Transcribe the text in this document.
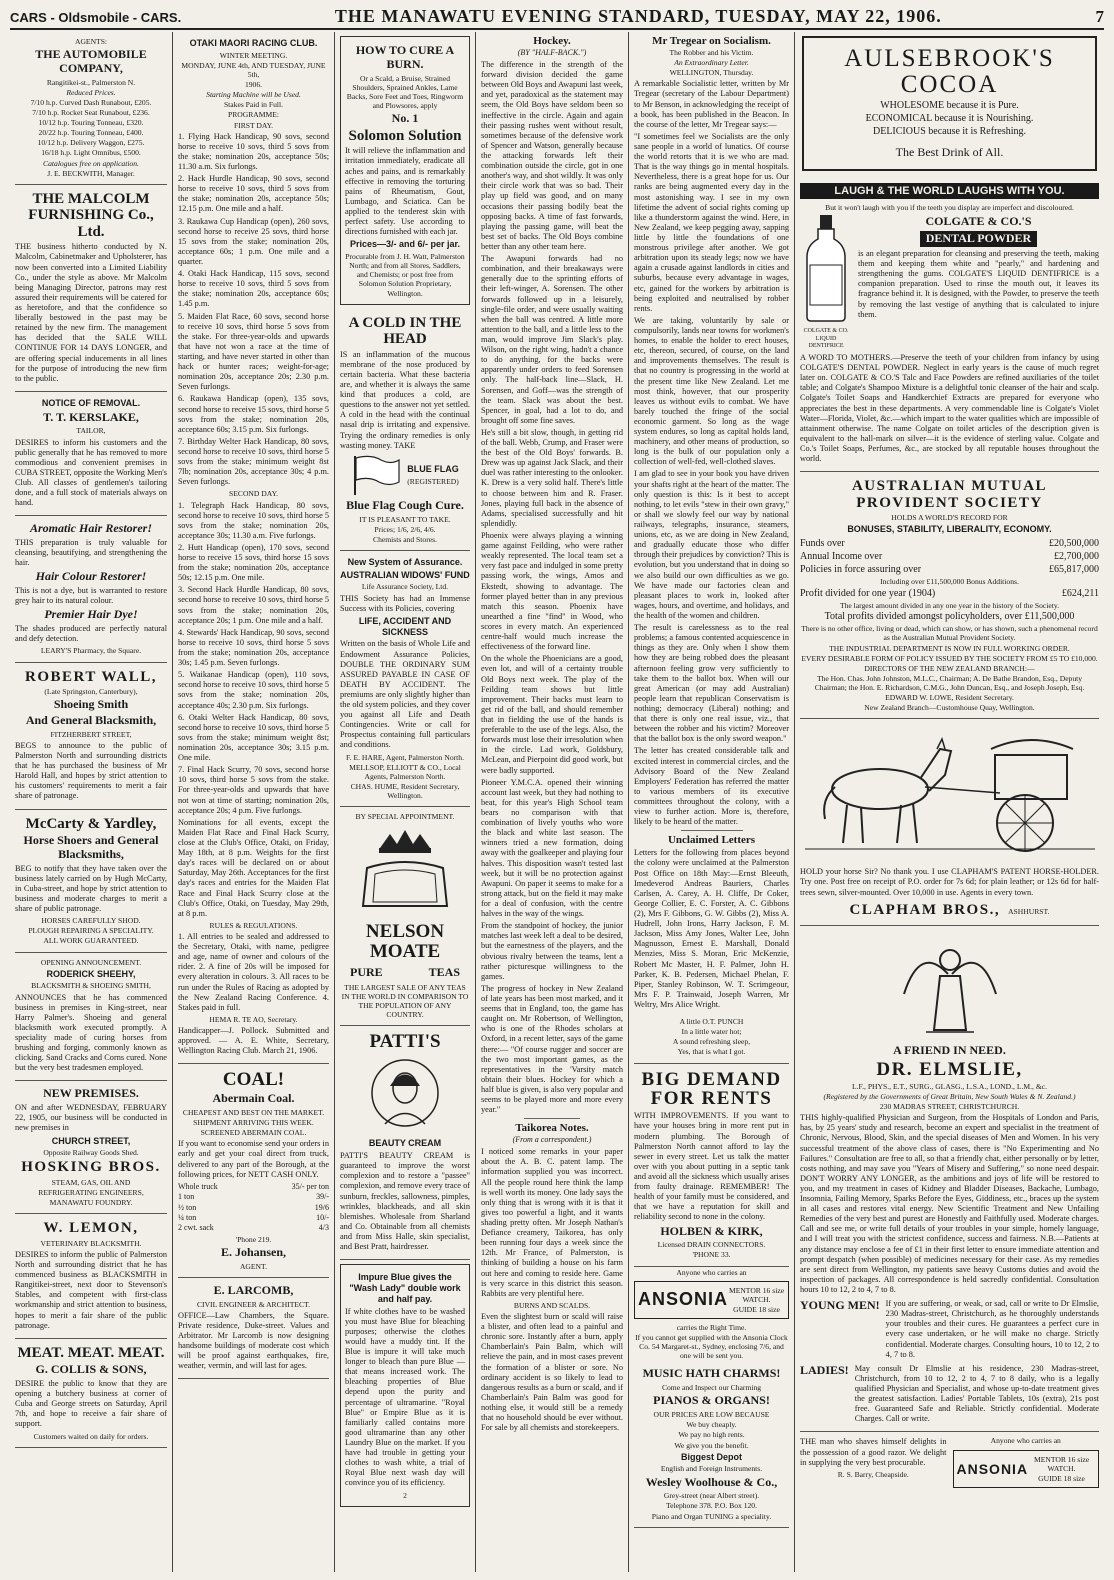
CARS - Oldsmobile - CARS.	THE MANAWATU EVENING STANDARD, TUESDAY, MAY 22, 1906.	7
AGENTS:
THE AUTOMOBILE COMPANY,
Rangitikei-st., Palmerston N.
Reduced Prices.
7/10 h.p. Curved Dash Runabout, £205.
7/10 h.p. Rocket Seat Runabout, £236.
10/12 h.p. Touring Tonneau, £320.
20/22 h.p. Touring Tonneau, £400.
10/12 h.p. Delivery Waggon, £275.
16/18 h.p. Light Omnibus, £500.
Catalogues free on application.
J. E. BECKWITH, Manager.
THE MALCOLM FURNISHING Co., Ltd.

THE business hitherto conducted by N. Malcolm, Cabinetmaker and Upholsterer, has now been converted into a Limited Liability Co., under the style as above. Mr Malcolm being Managing Director, patrons may rest assured their requirements will be catered for as heretofore, and that the confidence so liberally bestowed in the past may be retained by the new firm. The management has decided that the SALE WILL CONTINUE FOR 14 DAYS LONGER, and are offering special inducements in all lines for the purpose of introducing the new firm to the public.

NOTICE OF REMOVAL.
T. T. KERSLAKE,
TAILOR,

DESIRES to inform his customers and the public generally that he has removed to more commodious and convenient premises in CUBA STREET, opposite the Working Men's Club. All classes of gentlemen's tailoring done, and a full stock of materials always on hand.

Aromatic Hair Restorer!

THIS preparation is truly valuable for cleansing, beautifying, and strengthening the hair.

Hair Colour Restorer!

This is not a dye, but is warranted to restore grey hair to its natural colour.

Premier Hair Dye!

The shades produced are perfectly natural and defy detection.

LEARY'S Pharmacy, the Square.
ROBERT WALL,
(Late Springston, Canterbury),
Shoeing Smith
And General Blacksmith,
FITZHERBERT STREET,

BEGS to announce to the public of Palmerston North and surrounding districts that he has purchased the business of Mr Harold Hall, and hopes by strict attention to his customers' requirements to merit a fair share of patronage.

McCarty & Yardley,
Horse Shoers and General Blacksmiths,

BEG to notify that they have taken over the business lately carried on by Hugh McCarty, in Cuba-street, and hope by strict attention to business and moderate charges to merit a share of public patronage.

HORSES CAREFULLY SHOD.
PLOUGH REPAIRING A SPECIALITY.
ALL WORK GUARANTEED.
OPENING ANNOUNCEMENT.
RODERICK SHEEHY,
BLACKSMITH & SHOEING SMITH,

ANNOUNCES that he has commenced business in premises in King-street, near Harry Palmer's. Shoeing and general blacksmith work executed promptly. A speciality made of curing horses from brushing and forging, commonly known as clicking. Sand Cracks and Corns cured. None but the very best tradesmen employed.

NEW PREMISES.

ON and after WEDNESDAY, FEBRUARY 22, 1905, our business will be conducted in new premises in

CHURCH STREET,
Opposite Railway Goods Shed.
HOSKING BROS.
STEAM, GAS, OIL AND
REFRIGERATING ENGINEERS,
MANAWATU FOUNDRY.
W. LEMON,
VETERINARY BLACKSMITH.

DESIRES to inform the public of Palmerston North and surrounding district that he has commenced business as BLACKSMITH in Rangitikei-street, next door to Stevenson's Stables, and competent with first-class workmanship and strict attention to business, hopes to merit a fair share of the public patronage.

MEAT. MEAT. MEAT.
G. COLLIS & SONS,

DESIRE the public to know that they are opening a butchery business at corner of Cuba and George streets on Saturday, April 7th, and hope to receive a fair share of support.

Customers waited on daily for orders.
OTAKI MAORI RACING CLUB.
WINTER MEETING.
MONDAY, JUNE 4th, AND TUESDAY, JUNE 5th,
1906.
Starting Machine will be Used.
Stakes Paid in Full.
PROGRAMME:
FIRST DAY.

1. Flying Hack Handicap, 90 sovs, second horse to receive 10 sovs, third 5 sovs from the stake; nomination 20s, acceptance 50s; 11.30 a.m. Six furlongs.

2. Hack Hurdle Handicap, 90 sovs, second horse to receive 10 sovs, third 5 sovs from the stake; nomination 20s, acceptance 50s; 12.15 p.m. One mile and a half.

3. Raukawa Cup Handicap (open), 260 sovs, second horse to receive 25 sovs, third horse 15 sovs from the stake; nomination 20s, acceptance 60s; 1 p.m. One mile and a quarter.

4. Otaki Hack Handicap, 115 sovs, second horse to receive 10 sovs, third 5 sovs from the stake; nomination 20s, acceptance 60s; 1.45 p.m.

5. Maiden Flat Race, 60 sovs, second horse to receive 10 sovs, third horse 5 sovs from the stake. For three-year-olds and upwards that have not won a race at the time of starting, and have never started in other than hack or hunter races; weight-for-age; nomination 20s, acceptance 20s; 2.30 p.m. Seven furlongs.

6. Raukawa Handicap (open), 135 sovs, second horse to receive 15 sovs, third horse 5 sovs from the stake; nomination 20s, acceptance 60s; 3.15 p.m. Six furlongs.

7. Birthday Welter Hack Handicap, 80 sovs, second horse to receive 10 sovs, third horse 5 sovs from the stake; minimum weight 8st 7lb; nomination 20s, acceptance 30s; 4 p.m. Seven furlongs.

SECOND DAY.

1. Telegraph Hack Handicap, 80 sovs, second horse to receive 10 sovs, third horse 5 sovs from the stake; nomination 20s, acceptance 30s; 11.30 a.m. Five furlongs.

2. Hutt Handicap (open), 170 sovs, second horse to receive 15 sovs, third horse 15 sovs from the stake; nomination 20s, acceptance 50s; 12.15 p.m. One mile.

3. Second Hack Hurdle Handicap, 80 sovs, second horse to receive 10 sovs, third horse 5 sovs from the stake; nomination 20s, acceptance 20s; 1 p.m. One mile and a half.

4. Stewards' Hack Handicap, 90 sovs, second horse to receive 10 sovs, third horse 5 sovs from the stake; nomination 20s, acceptance 30s; 1.45 p.m. Seven furlongs.

5. Waikanae Handicap (open), 110 sovs, second horse to receive 10 sovs, third horse 5 sovs from the stake; nomination 20s, acceptance 40s; 2.30 p.m. Six furlongs.

6. Otaki Welter Hack Handicap, 80 sovs, second horse to receive 10 sovs, third horse 5 sovs from the stake; minimum weight 8st; nomination 20s, acceptance 30s; 3.15 p.m. One mile.

7. Final Hack Scurry, 70 sovs, second horse 10 sovs, third horse 5 sovs from the stake. For three-year-olds and upwards that have not won at time of starting; nomination 20s, acceptance 20s; 4 p.m. Five furlongs.

Nominations for all events, except the Maiden Flat Race and Final Hack Scurry, close at the Club's Office, Otaki, on Friday, May 18th, at 8 p.m. Weights for the first day's races will be declared on or about Saturday, May 26th. Acceptances for the first day's races and entries for the Maiden Flat Race and Final Hack Scurry close at the Club's Office, Otaki, on Tuesday, May 29th, at 8 p.m.

RULES & REGULATIONS.

1. All entries to be sealed and addressed to the Secretary, Otaki, with name, pedigree and age, name of owner and colours of the rider. 2. A fine of 20s will be imposed for every alteration in colours. 3. All races to be run under the Rules of Racing as adopted by the New Zealand Racing Conference. 4. Stakes paid in full.

HEMA R. TE AO, Secretary.

Handicapper—J. Pollock. Submitted and approved. — A. E. White, Secretary, Wellington Racing Club. March 21, 1906.

COAL!
Abermain Coal.
CHEAPEST AND BEST ON THE MARKET.
SHIPMENT ARRIVING THIS WEEK.
SCREENED ABERMAIN COAL.

If you want to economise send your orders in early and get your coal direct from truck, delivered to any part of the Borough, at the following prices, for NETT CASH ONLY.

Whole truck	35/- per ton
1 ton	39/-
½ ton	19/6
¼ ton	10/-
2 cwt. sack	4/3
'Phone 219.
E. Johansen,
AGENT.
E. LARCOMB,
CIVIL ENGINEER & ARCHITECT.

OFFICE—Law Chambers, the Square. Private residence, Duke-street. Values and Arbitrator. Mr Larcomb is now designing handsome buildings of moderate cost which will be proof against earthquakes, fire, weather, vermin, and will last for ages.

HOW TO CURE A BURN.
Or a Scald, a Bruise, Strained Shoulders, Sprained Ankles, Lame Backs, Sore Feet and Toes, Ringworm and Plowsores, apply
No. 1
Solomon Solution

It will relieve the inflammation and irritation immediately, eradicate all aches and pains, and is remarkably effective in removing the torturing pains of Rheumatism, Gout, Lumbago, and Sciatica. Can be applied to the tenderest skin with perfect safety. Use according to directions furnished with each jar.

Prices—3/- and 6/- per jar.
Procurable from J. H. Watt, Palmerston North; and from all Stores, Saddlers, and Chemists; or post free from Solomon Solution Proprietary, Wellington.
A COLD IN THE HEAD

IS an inflammation of the mucous membrane of the nose produced by certain bacteria. What these bacteria are, and whether it is always the same kind that produces a cold, are questions to the answer not yet settled. A cold in the head with the continual nasal drip is irritating and expensive. Trying the ordinary remedies is only wasting money. TAKE

BLUE FLAG
(REGISTERED)
Blue Flag Cough Cure.
IT IS PLEASANT TO TAKE.
Prices; 1/6, 2/6, 4/6.
Chemists and Stores.
New System of Assurance.
AUSTRALIAN WIDOWS' FUND
Life Assurance Society, Ltd.

THIS Society has had an Immense Success with its Policies, covering

LIFE, ACCIDENT AND SICKNESS

Written on the basis of Whole Life and Endowment Assurance Policies, DOUBLE THE ORDINARY SUM ASSURED PAYABLE IN CASE OF DEATH BY ACCIDENT. The premiums are only slightly higher than the old system policies, and they cover you against all Life and Death Contingencies. Write or call for Prospectus containing full particulars and conditions.

F. E. HARE, Agent, Palmerston North.
MELLSOP, ELLIOTT & CO., Local Agents, Palmerston North.
CHAS. HUME, Resident Secretary, Wellington.
BY SPECIAL APPOINTMENT.
NELSON MOATE
PURE	TEAS
THE LARGEST SALE OF ANY TEAS IN THE WORLD IN COMPARISON TO THE POPULATION OF ANY COUNTRY.
PATTI'S
BEAUTY CREAM

PATTI'S BEAUTY CREAM is guaranteed to improve the worst complexion and to restore a "passee" complexion, and remove every trace of sunburn, freckles, sallowness, pimples, wrinkles, blackheads, and all skin blemishes. Wholesale from Sharland and Co. Obtainable from all chemists and from Miss Halle, skin specialist, and Best Pratt, hairdresser.

Impure Blue gives the "Wash Lady" double work and half pay.

If white clothes have to be washed you must have Blue for bleaching purposes; otherwise the clothes would have a muddy tint. If the Blue is impure it will take much longer to bleach than pure Blue — that means increased work. The bleaching properties of Blue depend upon the purity and percentage of ultramarine. "Royal Blue" or Empire Blue as it is familiarly called contains more good ultramarine than any other Laundry Blue on the market. If you have had trouble in getting your clothes to wash white, a trial of Royal Blue next wash day will convince you of its efficiency.

2
Hockey.
(BY "HALF-BACK.")

The difference in the strength of the forward division decided the game between Old Boys and Awapuni last week, and yet, paradoxical as the statement may seem, the Old Boys have seldom been so ineffective in the circle. Again and again their passing rushes went without result, sometimes because of the defensive work of Spencer and Watson, generally because the attacking forwards left their combination outside the circle, got in one another's way, and shot wildly. It was only their circle work that was so bad. Their play up field was good, and on many occasions their passing bodily beat the opposing backs. A time of fast forwards, playing the passing game, will beat the best set of backs. The Old Boys combine better than any other team here.

The Awapuni forwards had no combination, and their breakaways were generally due to the sprinting efforts of their left-winger, A. Sorensen. The other forwards followed up in a leisurely, single-file order, and were usually waiting when the ball was centred. A little more attention to the ball, and a little less to the man, would improve Jim Slack's play. Wilson, on the right wing, hadn't a chance to do anything, for the backs were apparently under orders to feed Sorensen only. The half-back line—Slack, H. Sorensen, and Goff—was the strength of the team. Slack was about the best. Spencer, in goal, had a lot to do, and brought off some fine saves.

He's still a bit slow, though, in getting rid of the ball. Webb, Crump, and Fraser were the best of the Old Boys' forwards. B. Drew was up against Jack Slack, and their duel was rather interesting to the onlooker. K. Drew is a very solid half. There's little to choose between him and R. Fraser. Jones, playing full back in the absence of Adams, specialised successfully and hit splendidly.

Phoenix were always playing a winning game against Feilding, who were rather weakly represented. The local team set a very fast pace and indulged in some pretty passing work, the wings, Amos and Ekstedt, showing to advantage. The former played better than in any previous match this season. Phoenix have unearthed a fine "find" in Wood, who scores in every match. An experienced centre-half would much increase the effectiveness of the forward line.

On the whole the Phoenicians are a good, even lot, and will of a certainty trouble Old Boys next week. The play of the Feilding team shows but little improvement. Their backs must learn to get rid of the ball, and should remember that in fielding the use of the hands is preferable to the use of the legs. Also, the forwards must lose their irresolution when in the circle. Lad work, Goldsbury, McLean, and Pierpoint did good work, but were badly supported.

Pioneer Y.M.C.A. opened their winning account last week, but they had nothing to beat, for this year's High School team bears no comparison with that combination of lively youths who wore the black and white last season. The winners tried a new formation, doing away with the goalkeeper and playing four halves. This disposition wasn't tested last week, but it will be no protection against Awapuni. On paper it seems to make for a strong attack, but on the field it may make for a deal of confusion, with the centre halves in the way of the wings.

From the standpoint of hockey, the junior matches last week left a deal to be desired, but the earnestness of the players, and the obvious rivalry between the teams, lent a rather picturesque willingness to the games.

The progress of hockey in New Zealand of late years has been most marked, and it seems that in England, too, the game has caught on. Mr Robertson, of Wellington, who is one of the Rhodes scholars at Oxford, in a recent letter, says of the game there:— "Of course rugger and soccer are the two most important games, as the representatives in the 'Varsity match obtain their blues. Hockey for which a half blue is given, is also very popular and seems to be played more and more every year."

Taikorea Notes.
(From a correspondent.)

I noticed some remarks in your paper about the A. B. C. patent lamp. The information supplied you was incorrect. All the people round here think the lamp is well worth its money. One lady says the only thing that is wrong with it is that it gives too powerful a light, and it wants shading pretty often. Mr Joseph Nathan's Defiance creamery, Taikorea, has only been running four days a week since the 12th. Mr France, of Palmerston, is thinking of building a house on his farm out here and coming to reside here. Game is very scarce in this district this season. Rabbits are very plentiful here.

BURNS AND SCALDS.

Even the slightest burn or scald will raise a blister, and often lead to a painful and chronic sore. Instantly after a burn, apply Chamberlain's Pain Balm, which will relieve the pain, and in most cases prevent the formation of a blister or sore. No ordinary accident is so likely to lead to dangerous results as a burn or scald, and if Chamberlain's Pain Balm was good for nothing else, it would still be a remedy that no household should be ever without. For sale by all chemists and storekeepers.

Mr Tregear on Socialism.
The Robber and his Victim.
An Extraordinary Letter.
WELLINGTON, Thursday.

A remarkable Socialistic letter, written by Mr Tregear (secretary of the Labour Department) to Mr Benson, in acknowledging the receipt of a book, has been published in the Beacon. In the course of the letter, Mr Tregear says:—

"I sometimes feel we Socialists are the only sane people in a world of lunatics. Of course the world retorts that it is we who are mad. That is the way things go in mental hospitals. Nevertheless, there is a great hope for us. Our ranks are being augmented every day in the most astonishing way. I see in my own lifetime the advent of social rights coming up like a thunderstorm against the wind. Here, in New Zealand, we keep pegging away, sapping little by little the foundations of one monstrous privilege after another. We got arbitration upon its steady legs; now we have again a crusade against landlords in cities and suburbs, because every advantage in wages, etc, gained for the workers by arbitration is being exploited and neutralised by robber rents.

We are taking, voluntarily by sale or compulsorily, lands near towns for workmen's homes, to enable the holder to erect houses, etc, thereon, secured, of course, on the land and improvements themselves. The result is that no country is progressing in the world at the present time like New Zealand. Let me most think, however, that our prosperity leaves us without evils to combat. We have barely touched the fringe of the social economic garment. So long as the wage system endures, so long as capital holds land, machinery, and other means of production, so long is the bulk of our population only a collection of well-fed, well-clothed slaves.

I am glad to see in your book you have driven your shafts right at the heart of the matter. The only question is this: Is it best to accept nothing, to let evils "stew in their own gravy," or shall we slowly feel our way by national railways, telegraphs, insurance, steamers, unions, etc, as we are doing in New Zealand, and gradually educate those who differ through their prejudices by conviction? This is evolution, but you understand that in doing so we also build our own difficulties as we go. We have made our factories clean and pleasant places to work in, looked after wages, hours, and overtime, and holidays, and the health of the women and children.

The result is carelessness as to the real problems; a famous contented acquiescence in things as they are. Only when I show them how they are being robbed does the pleasant afternoon feeling grow very sufficiently to take them to the ballot box. When will our great American (or may add Australian) people learn that republican Conservatism is nothing; democracy (Liberal) nothing; and that there is only one real issue, viz., that between the robber and his victim? Moreover that the ballot box is the only sword weapon."

The letter has created considerable talk and excited interest in commercial circles, and the Advisory Board of the New Zealand Employers' Federation has referred the matter to various members of its executive committees throughout the colony, with a view to further action. More is, therefore, likely to be heard of the matter.

Unclaimed Letters

Letters for the following from places beyond the colony were unclaimed at the Palmerston Post Office on 18th May:—Ernst Bleeuth, Imedeverod Andreas Bauriers, Charles Carlsen, A. Carey, A. H. Cliffe, Dr Coker, George Collier, E. C. Forster, A. C. Gibbons (2), Mrs F. Gibbons, G. W. Gibbs (2), Miss A. Hudrell, John Irons, Harry Jackson, F. M. Jackson, Miss Amy Jones, Walter Lee, John Magnusson, Ernest E. Marshall, Donald Menzies, Miss S. Moran, Eric McKenzie, Robert Mc Master, H. F. Palmer, John H. Parker, K. B. Pedersen, Michael Phelan, F. Piper, Stanley Robinson, W. T. Scrimgeour, Mrs F. P. Trainwaid, Joseph Warren, Mr Weltry, Mrs Alice Wright.

A little O.T. PUNCH
In a little water hot;
A sound refreshing sleep,
Yes, that is what I got.
BIG DEMAND FOR RENTS

WITH IMPROVEMENTS. If you want to have your houses bring in more rent put in modern plumbing. The Borough of Palmerston North cannot afford to lay the sewer in every street. Let us talk the matter over with you about putting in a septic tank and avoid all the sickness which usually arises from faulty drainage. REMEMBER! The health of your family must be considered, and that we have a reputation for skill and reliability second to none in the colony.

HOLBEN & KIRK,
Licensed DRAIN CONNECTORS.
'PHONE 33.
Anyone who carries an
ANSONIA MENTOR 16 size WATCH.
GUIDE 18 size
carries the Right Time.
If you cannot get supplied with the Ansonia Clock Co. 54 Margaret-st., Sydney, enclosing 7/6, and one will be sent you.
MUSIC HATH CHARMS!
Come and Inspect our Charming
PIANOS & ORGANS!
OUR PRICES ARE LOW BECAUSE
We buy cheaply.
We pay no high rents.
We give you the benefit.
Biggest Depot
English and Foreign Instruments.
Wesley Woolhouse & Co.,
Grey-street (near Albert street).
Telephone 378. P.O. Box 120.
Piano and Organ TUNING a speciality.
AULSEBROOK'S
COCOA
WHOLESOME because it is Pure.
ECONOMICAL because it is Nourishing.
DELICIOUS because it is Refreshing.
The Best Drink of All.
LAUGH & THE WORLD LAUGHS WITH YOU.
But it won't laugh with you if the teeth you display are imperfect and discoloured.
COLGATE & CO. LIQUID DENTIFRICE
COLGATE & CO.'S
DENTAL POWDER

is an elegant preparation for cleansing and preserving the teeth, making them and keeping them white and "pearly," and hardening and strengthening the gums. COLGATE'S LIQUID DENTIFRICE is a companion preparation. Used to rinse the mouth out, it leaves its fragrance behind it. It is designed, with the Powder, to preserve the teeth by removing the last vestige of anything that is calculated to injure them.

A WORD TO MOTHERS.—Preserve the teeth of your children from infancy by using COLGATE'S DENTAL POWDER. Neglect in early years is the cause of much regret later on. COLGATE & CO.'S Talc and Face Powders are refined auxiliaries of the toilet table; and Colgate's Shampoo Mixture is a delightful tonic cleanser of the hair and scalp. Colgate's Toilet Soaps and Handkerchief Extracts are prepared for everyone who appreciates the best in these departments. A very commendable line is Colgate's Violet Water—Florida, Violet, &c.—which impart to the water qualities which are impossible of attainment otherwise. The name Colgate on toilet articles of the description given is equivalent to the hall-mark on silver—it is the evidence of sterling value. Colgate and Co.'s Toilet Soaps, Perfumes, &c., are stocked by all reputable houses throughout the world.

AUSTRALIAN MUTUAL PROVIDENT SOCIETY
HOLDS A WORLD'S RECORD FOR
BONUSES, STABILITY, LIBERALITY, ECONOMY.
Funds over	£20,500,000
Annual Income over	£2,700,000
Policies in force assuring over	£65,817,000
Including over £11,500,000 Bonus Additions.
Profit divided for one year (1904)	£624,211
The largest amount divided in any one year in the history of the Society.
Total profits divided amongst policyholders, over £11,500,000
There is no other office, living or dead, which can show, or has shown, such a phenomenal record as the Australian Mutual Provident Society.
THE INDUSTRIAL DEPARTMENT IS NOW IN FULL WORKING ORDER.
EVERY DESIRABLE FORM OF POLICY ISSUED BY THE SOCIETY FROM £5 TO £10,000.
DIRECTORS OF THE NEW ZEALAND BRANCH:—
The Hon. Chas. John Johnston, M.L.C., Chairman; A. De Bathe Brandon, Esq., Deputy Chairman; the Hon. E. Richardson, C.M.G., John Duncan, Esq., and Joseph Joseph, Esq.
EDWARD W. LOWE, Resident Secretary.
New Zealand Branch—Customhouse Quay, Wellington.

HOLD your horse Sir? No thank you. I use CLAPHAM'S PATENT HORSE-HOLDER. Try one. Post free on receipt of P.O. order for 7s 6d; for plain leather; or 12s 6d for half-trees sewn, silver-mounted. Over 10,000 in use. Agents in every town.

CLAPHAM BROS., ASHHURST.
A FRIEND IN NEED.
DR. ELMSLIE,
L.F., PHYS., E.T., SURG., GLASG., L.S.A., LOND., L.M., &c.
(Registered by the Governments of Great Britain, New South Wales & N. Zealand.)
230 MADRAS STREET, CHRISTCHURCH.

THIS highly-qualified Physician and Surgeon, from the Hospitals of London and Paris, has, by 25 years' study and research, become an expert and specialist in the treatment of Chronic, Nervous, Blood, Skin, and the special diseases of Men and Women. In his very successful treatment of the above class of cases, there is "No Experimenting and No Failures." Consultation are free to all, so that a friendly chat, either personally or by letter, costs nothing, and may save you "Years of Misery and Suffering," so none need despair. DON'T WORRY ANY LONGER, as the ambitions and joys of life will be restored to you, and my treatment in cases of Kidney and Bladder Diseases, Backache, Lumbago, Insomnia, Failing Memory, Sparks Before the Eyes, Giddiness, etc., braces up the system in all cases and restores vital energy. New Scientific Treatment and New Unfailing Remedies of the very best and purest are Honestly and Faithfully used. Moderate charges. Call and see me, or write full details of your troubles in your simple, homely language, and I will treat you with the strictest confidence, success and fairness. N.B.—Patients at any distance may enclose a fee of £1 in their first letter to ensure immediate attention and prompt despatch (when possible) of medicines necessary for their case. As my remedies are sent direct from Wellington, my patients save heavy Customs duties and avoid the inspection of packages. All correspondence is held sacredly confidential. Consultation hours 10 to 12, 2 to 4, 7 to 8.

YOUNG MEN! If you are suffering, or weak, or sad, call or write to Dr Elmslie, 230 Madras-street, Christchurch, as he thoroughly understands your troubles and their cures. He guarantees a perfect cure in every case undertaken, or he will make no charge. Strictly confidential. Moderate charges. Consulting hours, 10 to 12, 2 to 4, 7 to 8.

LADIES! May consult Dr Elmslie at his residence, 230 Madras-street, Christchurch, from 10 to 12, 2 to 4, 7 to 8 daily, who is a legally qualified Physician and Specialist, and whose up-to-date treatment gives the greatest satisfaction. Ladies' Portable Tablets, 10s (extra), 21s post free. Guaranteed Safe and Reliable. Strictly confidential. Moderate Charges. Call or write.

THE man who shaves himself delights in the possession of a good razor. We delight in supplying the very best procurable.

R. S. Barry, Cheapside.
Anyone who carries an
ANSONIA
MENTOR 16 size WATCH.
GUIDE 18 size
